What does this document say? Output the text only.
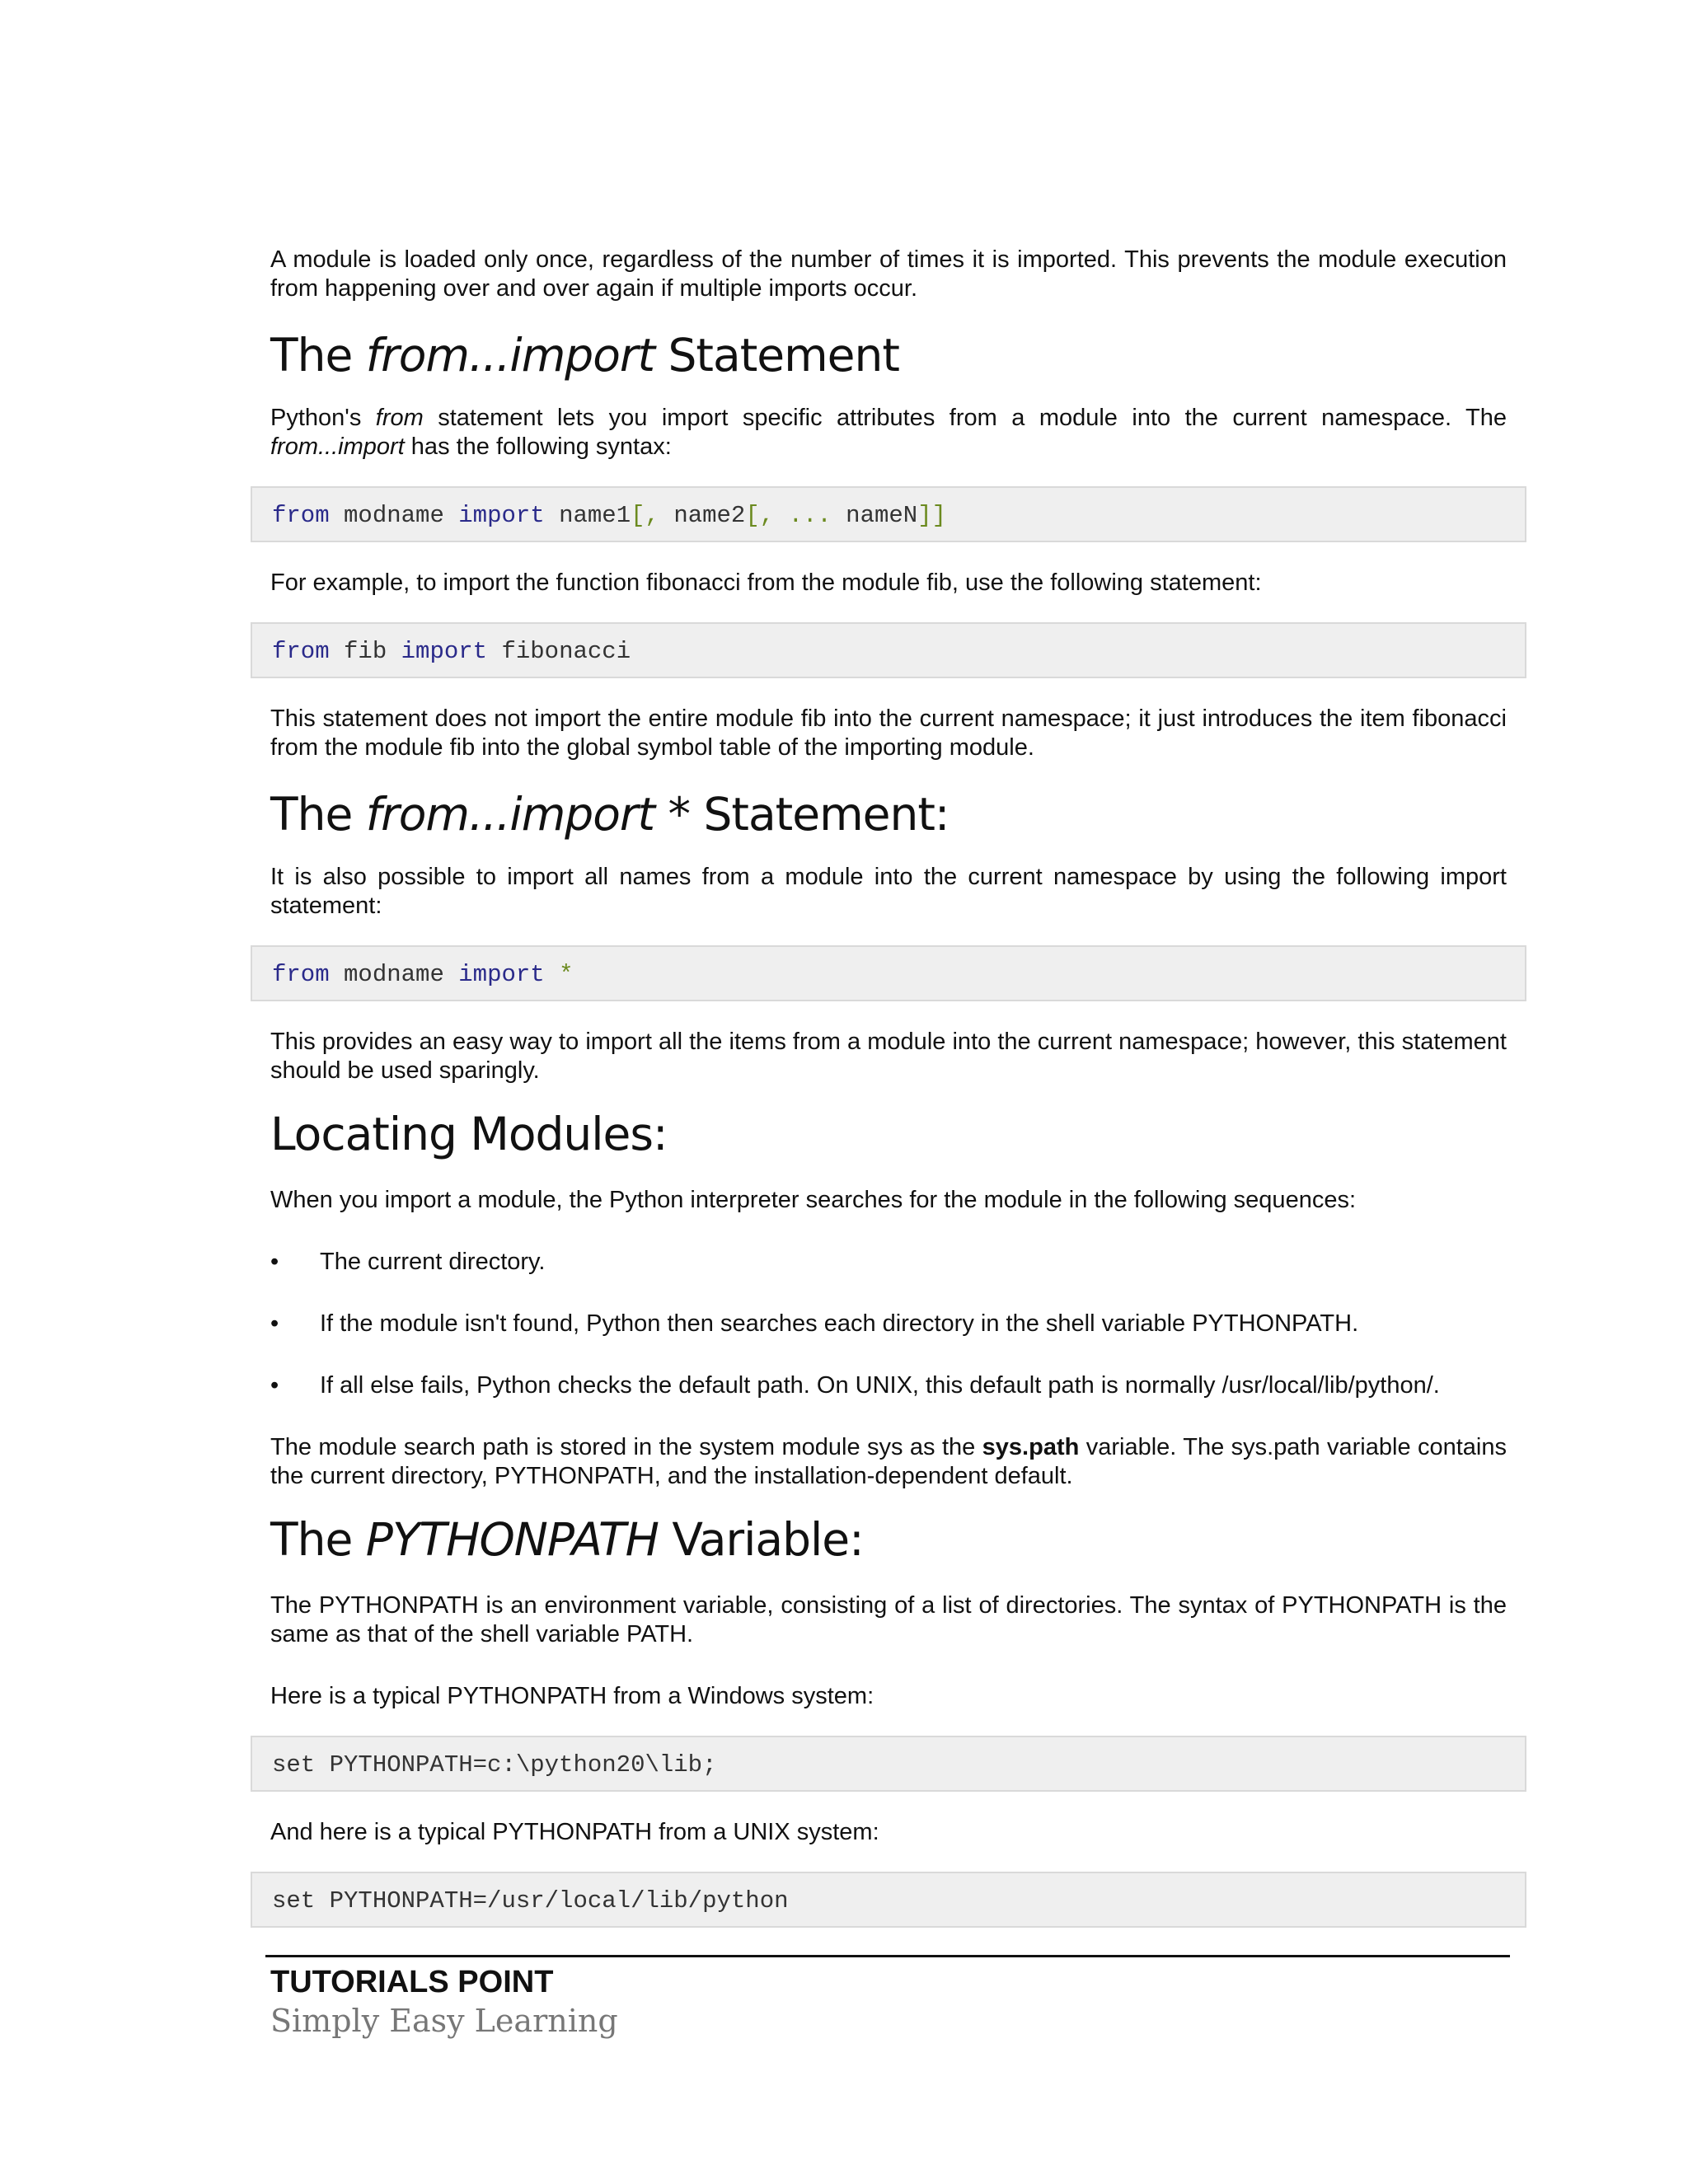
A module is loaded only once, regardless of the number of times it is imported. This prevents the module execution from happening over and over again if multiple imports occur.

The from...import Statement

Python's from statement lets you import specific attributes from a module into the current namespace. The from...import has the following syntax:

from modname import name1[, name2[, ... nameN]]

For example, to import the function fibonacci from the module fib, use the following statement:

from fib import fibonacci

This statement does not import the entire module fib into the current namespace; it just introduces the item fibonacci from the module fib into the global symbol table of the importing module.

The from...import * Statement:

It is also possible to import all names from a module into the current namespace by using the following import statement:

from modname import *

This provides an easy way to import all the items from a module into the current namespace; however, this statement should be used sparingly.

Locating Modules:

When you import a module, the Python interpreter searches for the module in the following sequences:

• The current directory.
• If the module isn't found, Python then searches each directory in the shell variable PYTHONPATH.
• If all else fails, Python checks the default path. On UNIX, this default path is normally /usr/local/lib/python/.

The module search path is stored in the system module sys as the sys.path variable. The sys.path variable contains the current directory, PYTHONPATH, and the installation-dependent default.

The PYTHONPATH Variable:

The PYTHONPATH is an environment variable, consisting of a list of directories. The syntax of PYTHONPATH is the same as that of the shell variable PATH.

Here is a typical PYTHONPATH from a Windows system:

set PYTHONPATH=c:\python20\lib;

And here is a typical PYTHONPATH from a UNIX system:

set PYTHONPATH=/usr/local/lib/python
TUTORIALS POINT
Simply Easy Learning
